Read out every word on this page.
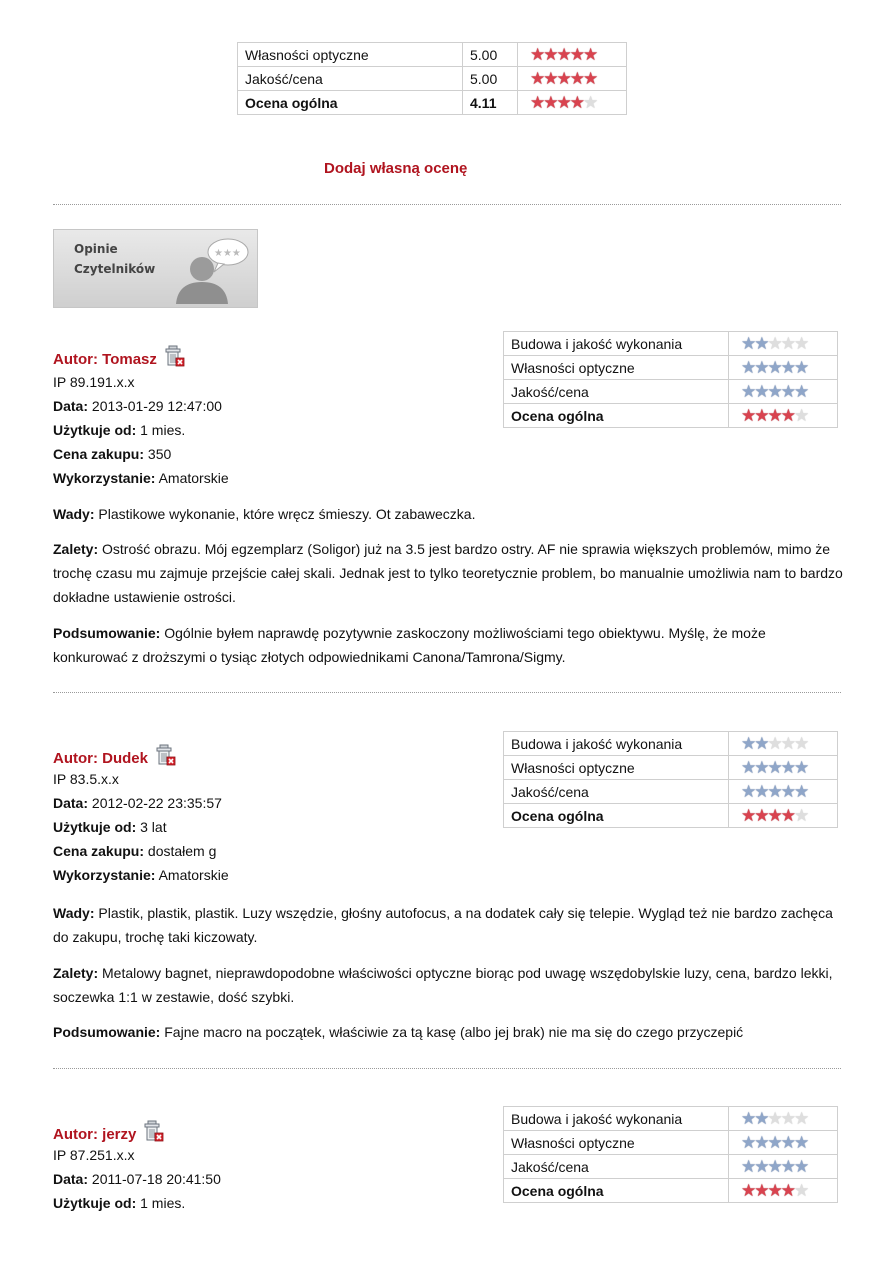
Własności optyczne	5.00	★★★★★
Jakość/cena	5.00	★★★★★
Ocena ogólna	4.11	★★★★★
Dodaj własną ocenę
Opinie
Czytelników
★★★
Autor: Tomasz
IP 89.191.x.x
Data: 2013-01-29 12:47:00
Użytkuje od: 1 mies.
Cena zakupu: 350
Wykorzystanie: Amatorskie
Budowa i jakość wykonania	★★★★★
Własności optyczne	★★★★★
Jakość/cena	★★★★★
Ocena ogólna	★★★★★
Wady: Plastikowe wykonanie, które wręcz śmieszy. Ot zabaweczka.
Zalety: Ostrość obrazu. Mój egzemplarz (Soligor) już na 3.5 jest bardzo ostry. AF nie sprawia większych problemów, mimo że trochę czasu mu zajmuje przejście całej skali. Jednak jest to tylko teoretycznie problem, bo manualnie umożliwia nam to bardzo dokładne ustawienie ostrości.
Podsumowanie: Ogólnie byłem naprawdę pozytywnie zaskoczony możliwościami tego obiektywu. Myślę, że może konkurować z droższymi o tysiąc złotych odpowiednikami Canona/Tamrona/Sigmy.
Autor: Dudek
IP 83.5.x.x
Data: 2012-02-22 23:35:57
Użytkuje od: 3 lat
Cena zakupu: dostałem g
Wykorzystanie: Amatorskie
Budowa i jakość wykonania	★★★★★
Własności optyczne	★★★★★
Jakość/cena	★★★★★
Ocena ogólna	★★★★★
Wady: Plastik, plastik, plastik. Luzy wszędzie, głośny autofocus, a na dodatek cały się telepie. Wygląd też nie bardzo zachęca do zakupu, trochę taki kiczowaty.
Zalety: Metalowy bagnet, nieprawdopodobne właściwości optyczne biorąc pod uwagę wszędobylskie luzy, cena, bardzo lekki, soczewka 1:1 w zestawie, dość szybki.
Podsumowanie: Fajne macro na początek, właściwie za tą kasę (albo jej brak) nie ma się do czego przyczepić
Autor: jerzy
IP 87.251.x.x
Data: 2011-07-18 20:41:50
Użytkuje od: 1 mies.
Budowa i jakość wykonania	★★★★★
Własności optyczne	★★★★★
Jakość/cena	★★★★★
Ocena ogólna	★★★★★
